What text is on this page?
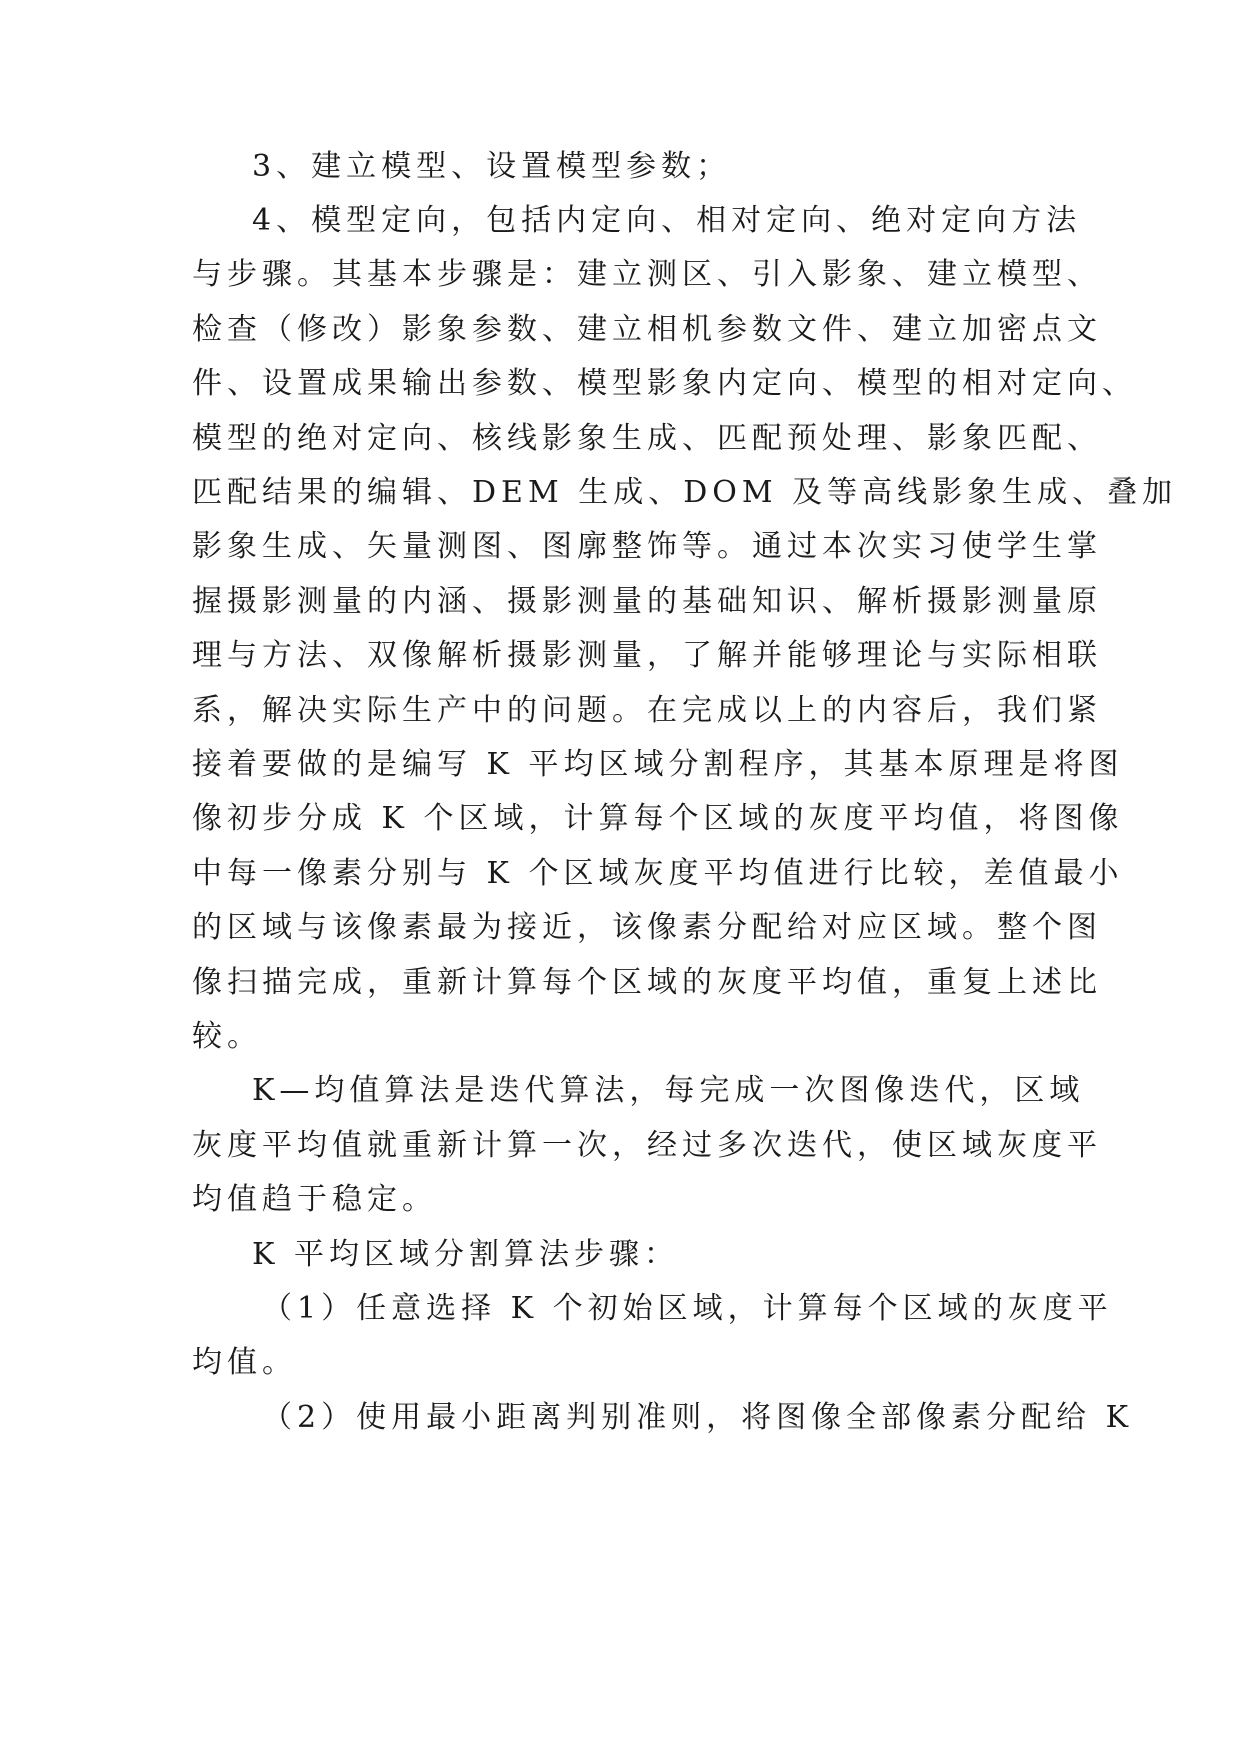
3、建立模型、设置模型参数；
4、模型定向，包括内定向、相对定向、绝对定向方法
与步骤。其基本步骤是：建立测区、引入影象、建立模型、
检查（修改）影象参数、建立相机参数文件、建立加密点文
件、设置成果输出参数、模型影象内定向、模型的相对定向、
模型的绝对定向、核线影象生成、匹配预处理、影象匹配、
匹配结果的编辑、DEM 生成、DOM 及等高线影象生成、叠加
影象生成、矢量测图、图廓整饰等。通过本次实习使学生掌
握摄影测量的内涵、摄影测量的基础知识、解析摄影测量原
理与方法、双像解析摄影测量，了解并能够理论与实际相联
系，解决实际生产中的问题。在完成以上的内容后，我们紧
接着要做的是编写 K 平均区域分割程序，其基本原理是将图
像初步分成 K 个区域，计算每个区域的灰度平均值，将图像
中每一像素分别与 K 个区域灰度平均值进行比较，差值最小
的区域与该像素最为接近，该像素分配给对应区域。整个图
像扫描完成，重新计算每个区域的灰度平均值，重复上述比
较。
K—均值算法是迭代算法，每完成一次图像迭代，区域
灰度平均值就重新计算一次，经过多次迭代，使区域灰度平
均值趋于稳定。
K 平均区域分割算法步骤：
（1）任意选择 K 个初始区域，计算每个区域的灰度平
均值。
（2）使用最小距离判别准则，将图像全部像素分配给 K
